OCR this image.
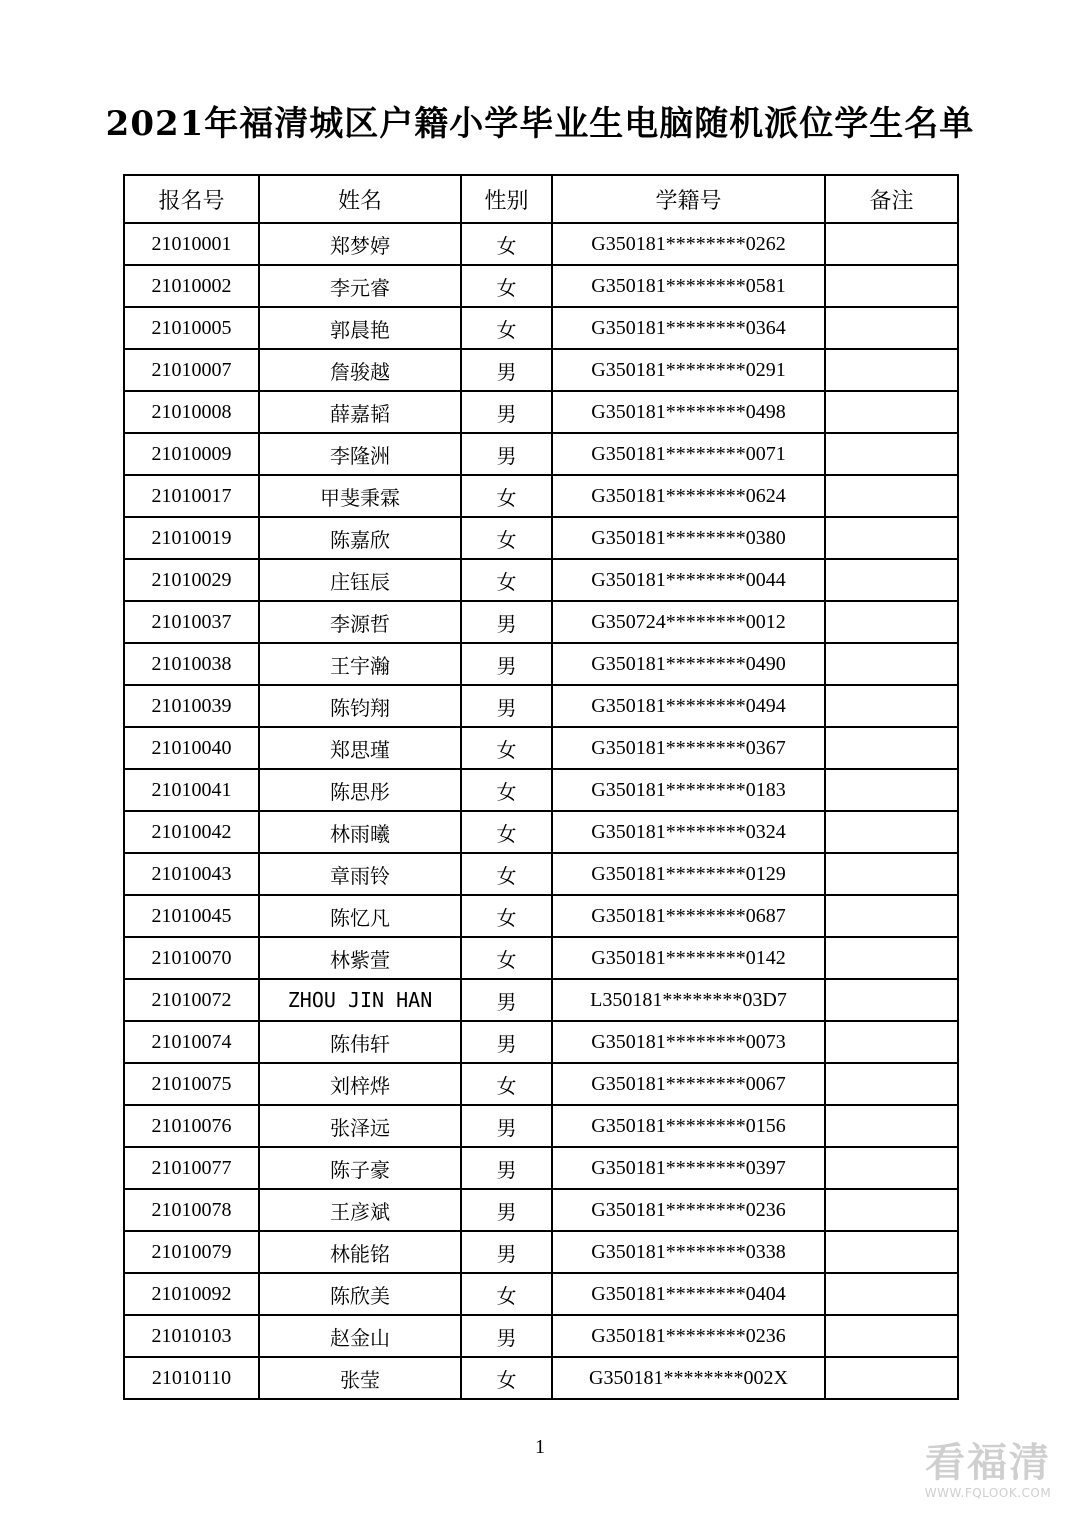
2021年福清城区户籍小学毕业生电脑随机派位学生名单
报名号	姓名	性别	学籍号	备注
21010001	郑梦婷	女	G350181********0262	
21010002	李元睿	女	G350181********0581	
21010005	郭晨艳	女	G350181********0364	
21010007	詹骏越	男	G350181********0291	
21010008	薛嘉韬	男	G350181********0498	
21010009	李隆洲	男	G350181********0071	
21010017	甲斐秉霖	女	G350181********0624	
21010019	陈嘉欣	女	G350181********0380	
21010029	庄钰辰	女	G350181********0044	
21010037	李源哲	男	G350724********0012	
21010038	王宇瀚	男	G350181********0490	
21010039	陈钧翔	男	G350181********0494	
21010040	郑思瑾	女	G350181********0367	
21010041	陈思彤	女	G350181********0183	
21010042	林雨曦	女	G350181********0324	
21010043	章雨铃	女	G350181********0129	
21010045	陈忆凡	女	G350181********0687	
21010070	林紫萱	女	G350181********0142	
21010072	ZHOU JIN HAN	男	L350181********03D7	
21010074	陈伟轩	男	G350181********0073	
21010075	刘梓烨	女	G350181********0067	
21010076	张泽远	男	G350181********0156	
21010077	陈子豪	男	G350181********0397	
21010078	王彦斌	男	G350181********0236	
21010079	林能铭	男	G350181********0338	
21010092	陈欣美	女	G350181********0404	
21010103	赵金山	男	G350181********0236	
21010110	张莹	女	G350181********002X	
1	看福清
WWW.FQLOOK.COM
